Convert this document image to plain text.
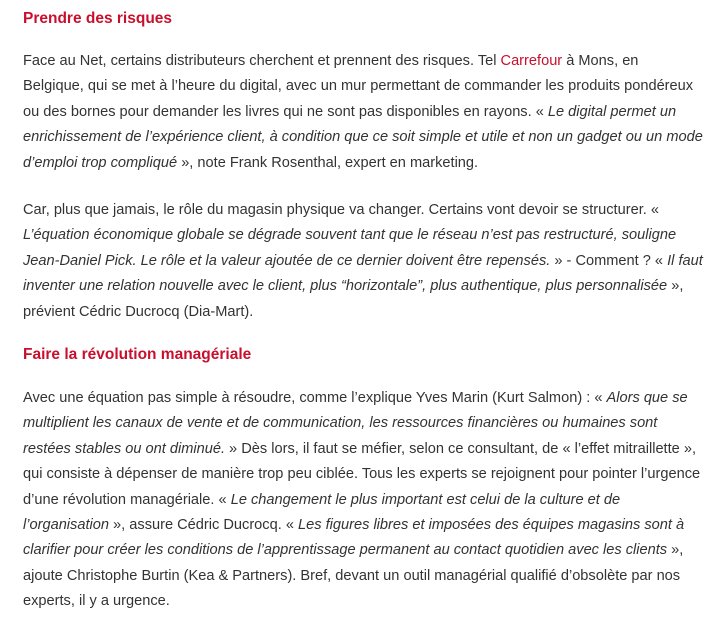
Prendre des risques

Face au Net, certains distributeurs cherchent et prennent des risques. Tel Carrefour à Mons, en Belgique, qui se met à l’heure du digital, avec un mur permettant de commander les produits pondéreux ou des bornes pour demander les livres qui ne sont pas disponibles en rayons. « Le digital permet un enrichissement de l’expérience client, à condition que ce soit simple et utile et non un gadget ou un mode d’emploi trop compliqué », note Frank Rosenthal, expert en marketing.

Car, plus que jamais, le rôle du magasin physique va changer. Certains vont devoir se structurer. « L’équation économique globale se dégrade souvent tant que le réseau n’est pas restructuré, souligne Jean-Daniel Pick. Le rôle et la valeur ajoutée de ce dernier doivent être repensés. » - Comment ? « Il faut inventer une relation nouvelle avec le client, plus “horizontale”, plus authentique, plus personnalisée », prévient Cédric Ducrocq (Dia-Mart).

Faire la révolution managériale

Avec une équation pas simple à résoudre, comme l’explique Yves Marin (Kurt Salmon) : « Alors que se multiplient les canaux de vente et de communication, les ressources financières ou humaines sont restées stables ou ont diminué. » Dès lors, il faut se méfier, selon ce consultant, de « l’effet mitraillette », qui consiste à dépenser de manière trop peu ciblée. Tous les experts se rejoignent pour pointer l’urgence d’une révolution managériale. « Le changement le plus important est celui de la culture et de l’organisation », assure Cédric Ducrocq. « Les figures libres et imposées des équipes magasins sont à clarifier pour créer les conditions de l’apprentissage permanent au contact quotidien avec les clients », ajoute Christophe Burtin (Kea & Partners). Bref, devant un outil managérial qualifié d’obsolète par nos experts, il y a urgence.
